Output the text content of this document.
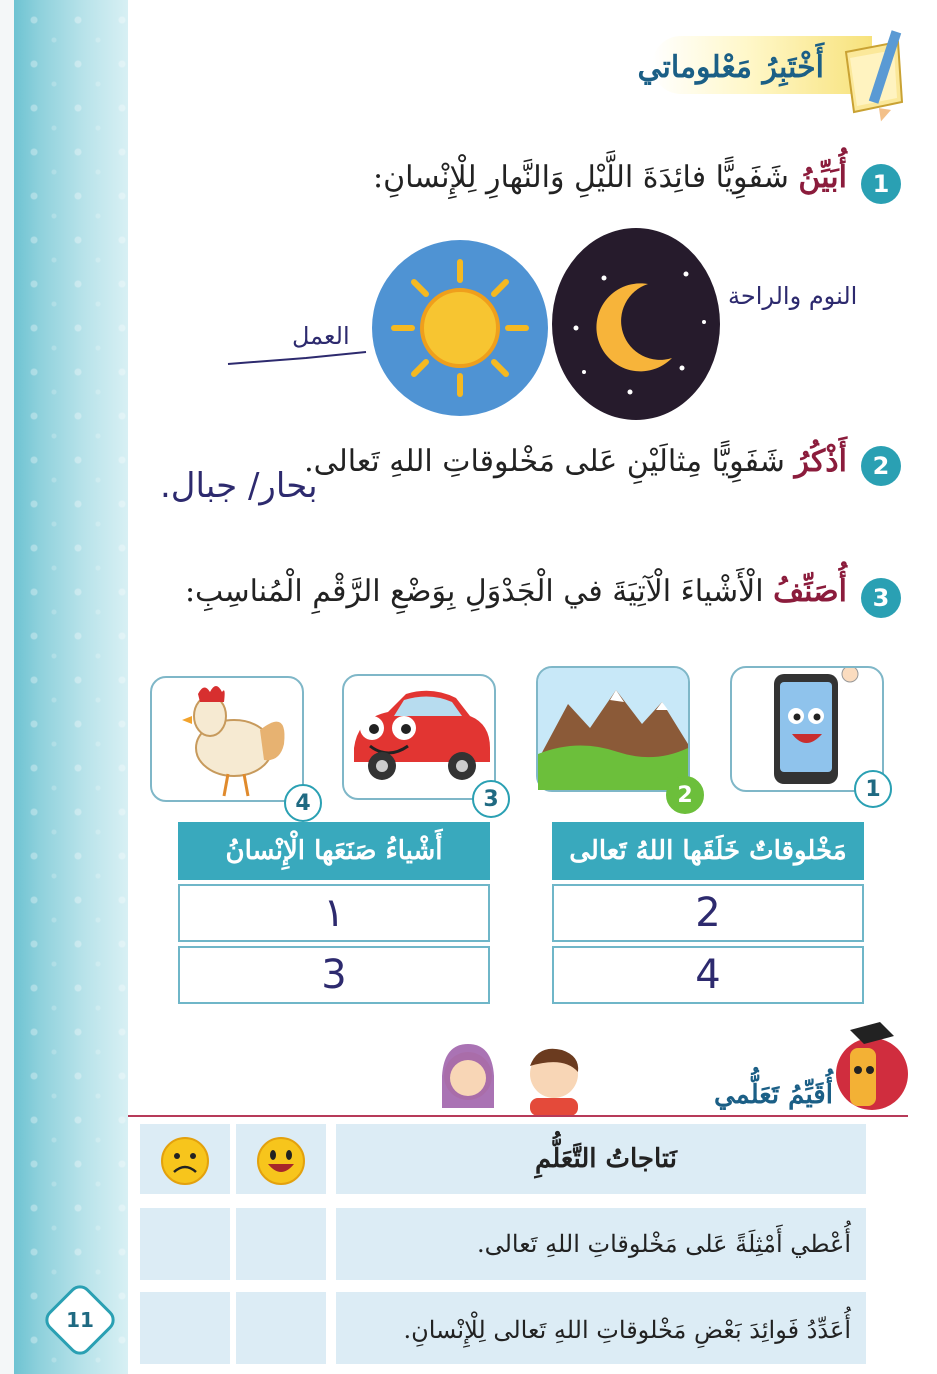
أَخْتَبِرُ مَعْلوماتي
1
أُبَيِّنُ شَفَوِيًّا فائِدَةَ اللَّيْلِ وَالنَّهارِ لِلْإِنْسانِ:
النوم والراحة
العمل
2
أَذْكُرُ شَفَوِيًّا مِثالَيْنِ عَلى مَخْلوقاتِ اللهِ تَعالى.
بحار/ جبال.
3
أُصَنِّفُ الْأَشْياءَ الْآتِيَةَ في الْجَدْوَلِ بِوَضْعِ الرَّقْمِ الْمُناسِبِ:
1
2
3
4
مَخْلوقاتٌ خَلَقَها اللهُ تَعالى
2
4
أَشْياءُ صَنَعَها الْإِنْسانُ
١
3
أُقَيِّمُ تَعَلُّمي
نَتاجاتُ التَّعَلُّمِ
أُعْطي أَمْثِلَةً عَلى مَخْلوقاتِ اللهِ تَعالى.
أُعَدِّدُ فَوائِدَ بَعْضِ مَخْلوقاتِ اللهِ تَعالى لِلْإِنْسانِ.
11
